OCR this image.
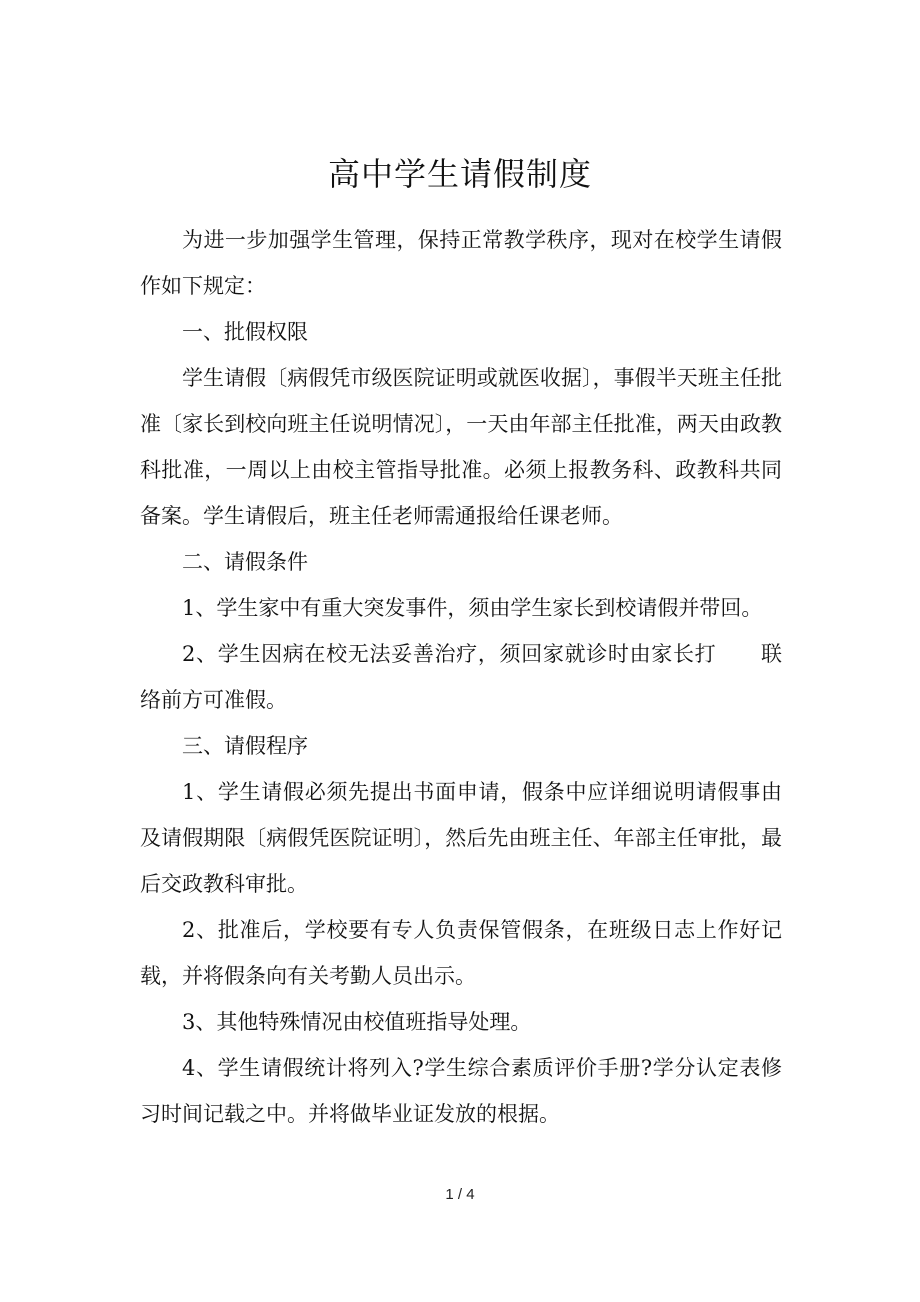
高中学生请假制度

为进一步加强学生管理，保持正常教学秩序，现对在校学生请假作如下规定：

一、批假权限

学生请假〔病假凭市级医院证明或就医收据〕，事假半天班主任批准〔家长到校向班主任说明情况〕，一天由年部主任批准，两天由政教科批准，一周以上由校主管指导批准。必须上报教务科、政教科共同备案。学生请假后，班主任老师需通报给任课老师。

二、请假条件

1、学生家中有重大突发事件，须由学生家长到校请假并带回。

2、学生因病在校无法妥善治疗，须回家就诊时由家长打 联络前方可准假。

三、请假程序

1、学生请假必须先提出书面申请，假条中应详细说明请假事由及请假期限〔病假凭医院证明〕，然后先由班主任、年部主任审批，最后交政教科审批。

2、批准后，学校要有专人负责保管假条，在班级日志上作好记载，并将假条向有关考勤人员出示。

3、其他特殊情况由校值班指导处理。

4、学生请假统计将列入?学生综合素质评价手册?学分认定表修习时间记载之中。并将做毕业证发放的根据。

1 / 4
